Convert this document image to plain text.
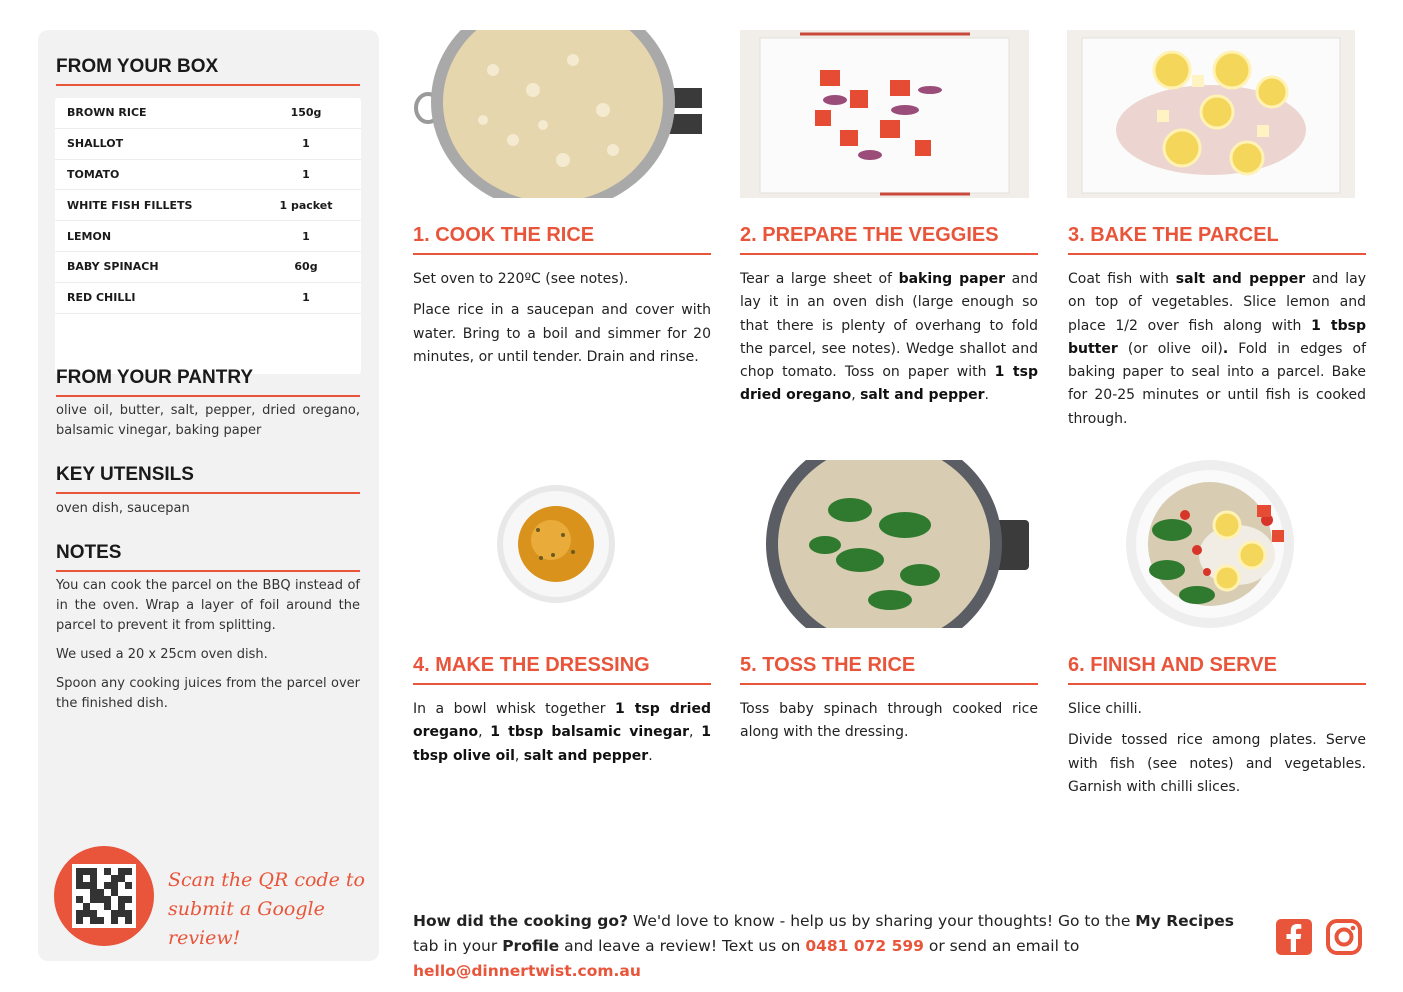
FROM YOUR BOX
BROWN RICE	150g
SHALLOT	1
TOMATO	1
WHITE FISH FILLETS	1 packet
LEMON	1
BABY SPINACH	60g
RED CHILLI	1
FROM YOUR PANTRY
olive oil, butter, salt, pepper, dried oregano, balsamic vinegar, baking paper
KEY UTENSILS
oven dish, saucepan
NOTES

You can cook the parcel on the BBQ instead of in the oven. Wrap a layer of foil around the parcel to prevent it from splitting.

We used a 20 x 25cm oven dish.

Spoon any cooking juices from the parcel over the finished dish.

Scan the QR code to
submit a Google review!
1. COOK THE RICE

Set oven to 220ºC (see notes).

Place rice in a saucepan and cover with water. Bring to a boil and simmer for 20 minutes, or until tender. Drain and rinse.

2. PREPARE THE VEGGIES

Tear a large sheet of baking paper and lay it in an oven dish (large enough so that there is plenty of overhang to fold the parcel, see notes). Wedge shallot and chop tomato. Toss on paper with 1 tsp dried oregano, salt and pepper.

3. BAKE THE PARCEL

Coat fish with salt and pepper and lay on top of vegetables. Slice lemon and place 1/2 over fish along with 1 tbsp butter (or olive oil). Fold in edges of baking paper to seal into a parcel. Bake for 20-25 minutes or until fish is cooked through.

4. MAKE THE DRESSING

In a bowl whisk together 1 tsp dried oregano, 1 tbsp balsamic vinegar, 1 tbsp olive oil, salt and pepper.

5. TOSS THE RICE

Toss baby spinach through cooked rice along with the dressing.

6. FINISH AND SERVE

Slice chilli.

Divide tossed rice among plates. Serve with fish (see notes) and vegetables. Garnish with chilli slices.

How did the cooking go? We'd love to know - help us by sharing your thoughts! Go to the My Recipes tab in your Profile and leave a review! Text us on 0481 072 599 or send an email to hello@dinnertwist.com.au
